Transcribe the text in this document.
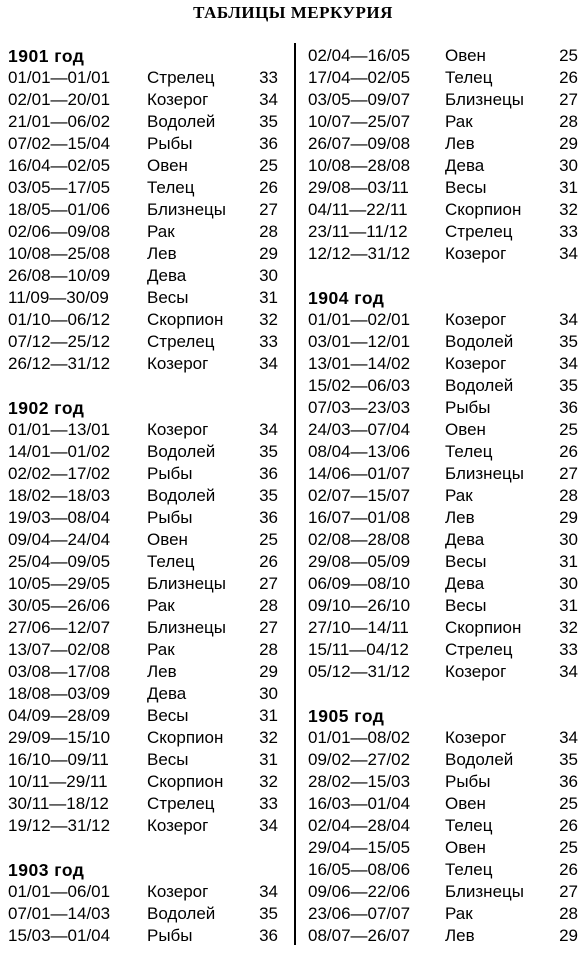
ТАБЛИЦЫ МЕРКУРИЯ
1901 год
01/01—01/01 Стрелец	33
02/01—20/01 Козерог	34
21/01—06/02 Водолей	35
07/02—15/04 Рыбы	36
16/04—02/05 Овен	25
03/05—17/05 Телец	26
18/05—01/06 Близнецы 27
02/06—09/08 Рак	28
10/08—25/08 Лев	29
26/08—10/09 Дева	30
11/09—30/09 Весы	31
01/10—06/12 Скорпион 32
07/12—25/12 Стрелец	33
26/12—31/12 Козерог	34
1902 год
01/01—13/01 Козерог	34
14/01—01/02 Водолей	35
02/02—17/02 Рыбы	36
18/02—18/03 Водолей	35
19/03—08/04 Рыбы	36
09/04—24/04 Овен	25
25/04—09/05 Телец	26
10/05—29/05 Близнецы 27
30/05—26/06 Рак	28
27/06—12/07 Близнецы 27
13/07—02/08 Рак	28
03/08—17/08 Лев	29
18/08—03/09 Дева	30
04/09—28/09 Весы	31
29/09—15/10 Скорпион 32
16/10—09/11 Весы	31
10/11—29/11 Скорпион 32
30/11—18/12 Стрелец	33
19/12—31/12 Козерог	34
1903 год
01/01—06/01 Козерог	34
07/01—14/03 Водолей	35
15/03—01/04 Рыбы	36
02/04—16/05 Овен	25
17/04—02/05 Телец	26
03/05—09/07 Близнецы 27
10/07—25/07 Рак	28
26/07—09/08 Лев	29
10/08—28/08 Дева	30
29/08—03/11 Весы	31
04/11—22/11 Скорпион 32
23/11—11/12 Стрелец	33
12/12—31/12 Козерог	34
1904 год
01/01—02/01 Козерог	34
03/01—12/01 Водолей	35
13/01—14/02 Козерог	34
15/02—06/03 Водолей	35
07/03—23/03 Рыбы	36
24/03—07/04 Овен	25
08/04—13/06 Телец	26
14/06—01/07 Близнецы 27
02/07—15/07 Рак	28
16/07—01/08 Лев	29
02/08—28/08 Дева	30
29/08—05/09 Весы	31
06/09—08/10 Дева	30
09/10—26/10 Весы	31
27/10—14/11 Скорпион 32
15/11—04/12 Стрелец	33
05/12—31/12 Козерог	34
1905 год
01/01—08/02 Козерог	34
09/02—27/02 Водолей	35
28/02—15/03 Рыбы	36
16/03—01/04 Овен	25
02/04—28/04 Телец	26
29/04—15/05 Овен	25
16/05—08/06 Телец	26
09/06—22/06 Близнецы 27
23/06—07/07 Рак	28
08/07—26/07 Лев	29
